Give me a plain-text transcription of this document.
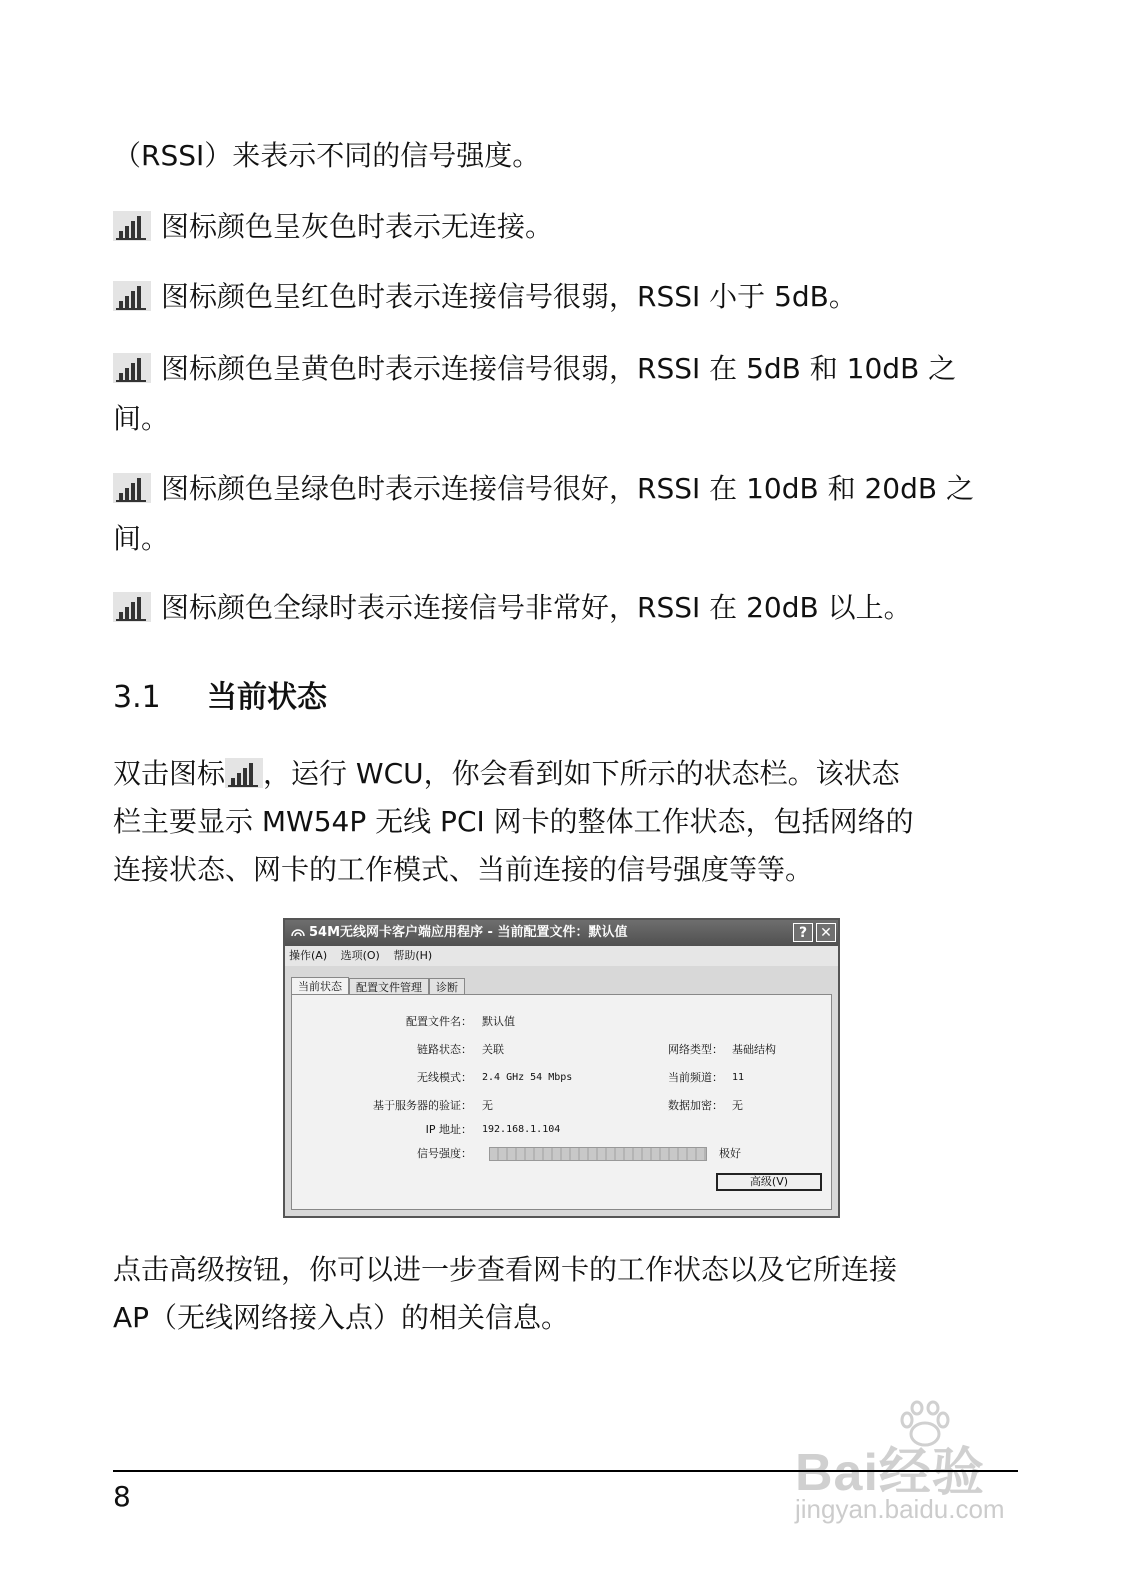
（RSSI）来表示不同的信号强度。
图标颜色呈灰色时表示无连接。
图标颜色呈红色时表示连接信号很弱，RSSI 小于 5dB。
图标颜色呈黄色时表示连接信号很弱，RSSI 在 5dB 和 10dB 之
间。
图标颜色呈绿色时表示连接信号很好，RSSI 在 10dB 和 20dB 之
间。
图标颜色全绿时表示连接信号非常好，RSSI 在 20dB 以上。
3.1 当前状态
双击图标 ，运行 WCU，你会看到如下所示的状态栏。该状态
栏主要显示 MW54P 无线 PCI 网卡的整体工作状态，包括网络的
连接状态、网卡的工作模式、当前连接的信号强度等等。
54M无线网卡客户端应用程序 - 当前配置文件：默认值	? ✕
操作(A) 选项(O) 帮助(H)
当前状态 配置文件管理 诊断
配置文件名： 默认值
链路状态： 关联	网络类型： 基础结构
无线模式： 2.4 GHz 54 Mbps	当前频道： 11
基于服务器的验证： 无	数据加密： 无
IP 地址： 192.168.1.104
信号强度：	极好
高级(V)
点击高级按钮，你可以进一步查看网卡的工作状态以及它所连接
AP（无线网络接入点）的相关信息。
Bai经验
jingyan.baidu.com
8
